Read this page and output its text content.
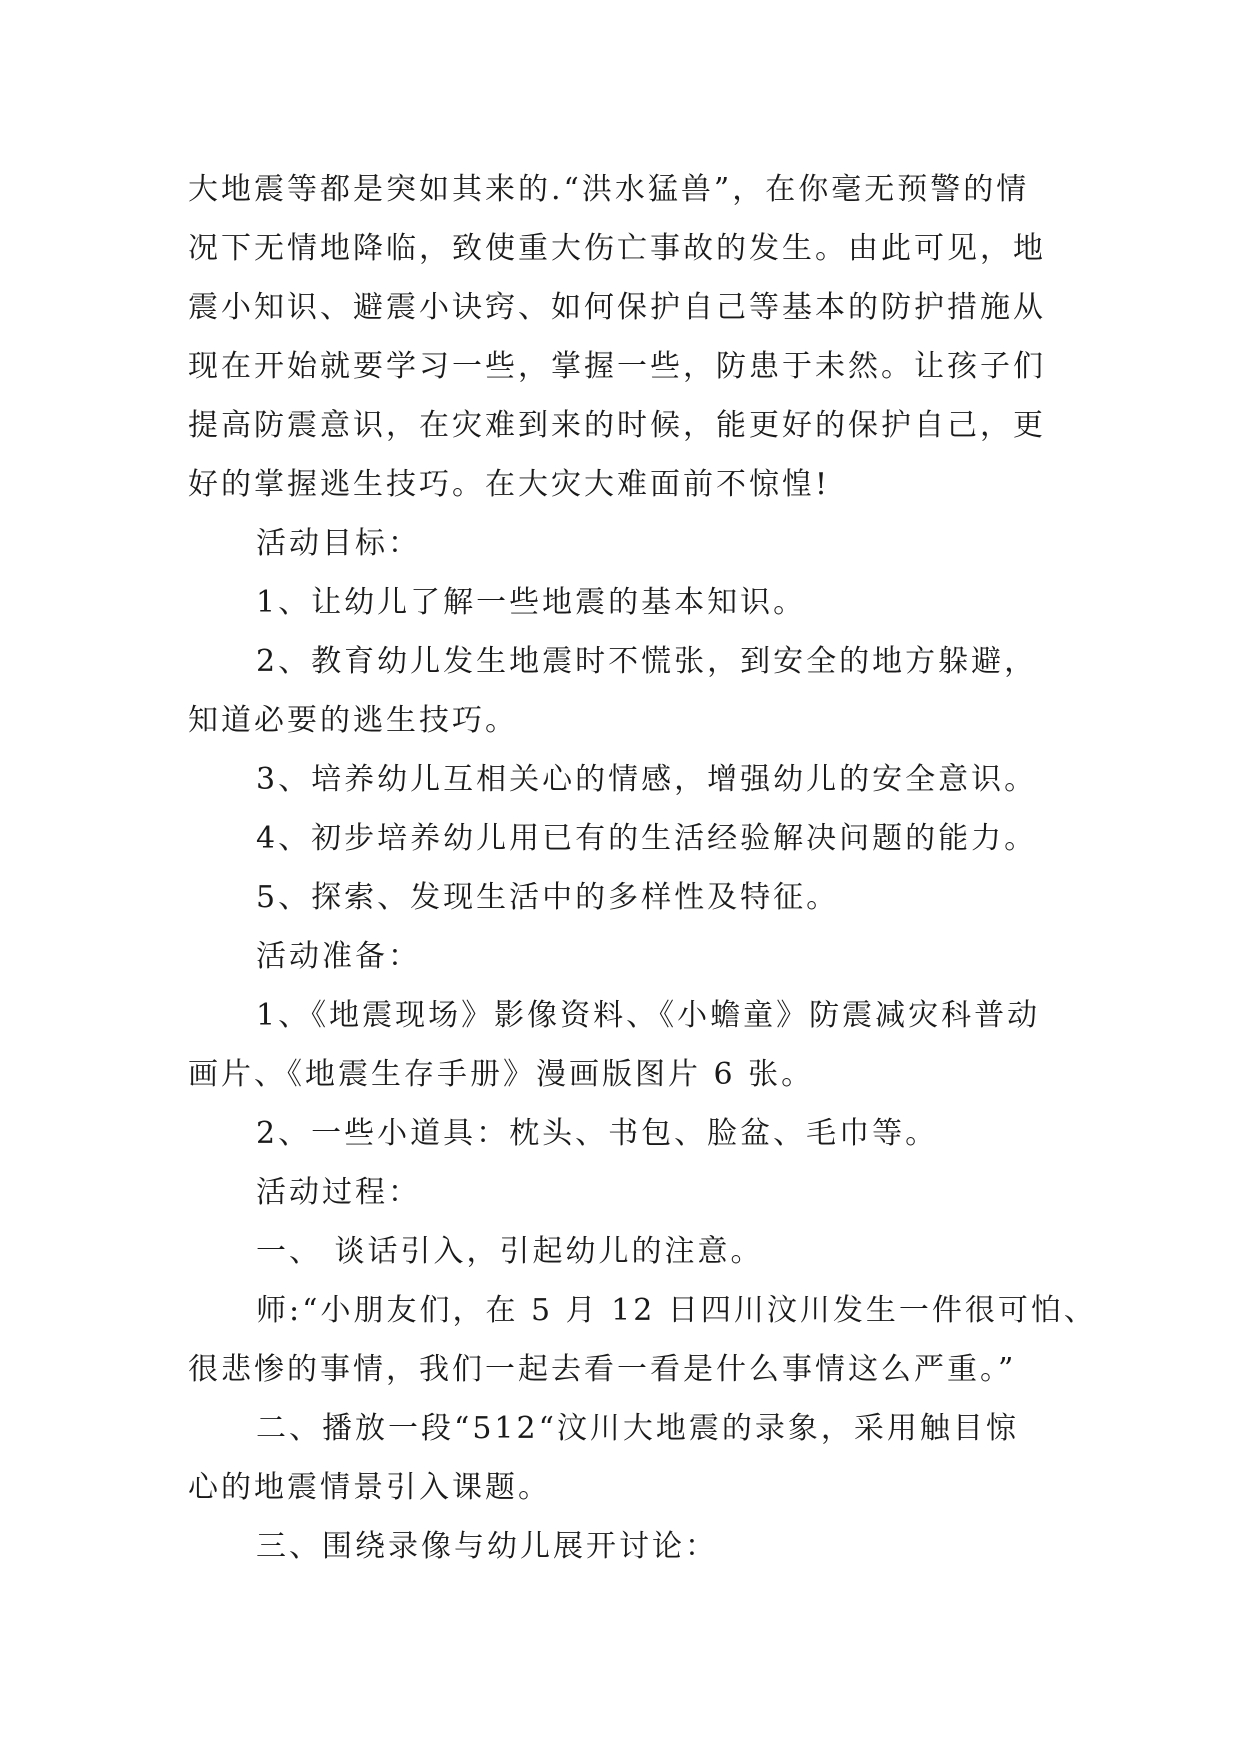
大地震等都是突如其来的.“洪水猛兽”，在你毫无预警的情
况下无情地降临，致使重大伤亡事故的发生。由此可见，地
震小知识、避震小诀窍、如何保护自己等基本的防护措施从
现在开始就要学习一些，掌握一些，防患于未然。让孩子们
提高防震意识，在灾难到来的时候，能更好的保护自己，更
好的掌握逃生技巧。在大灾大难面前不惊惶!
活动目标：
1、让幼儿了解一些地震的基本知识。
2、教育幼儿发生地震时不慌张，到安全的地方躲避，
知道必要的逃生技巧。
3、培养幼儿互相关心的情感，增强幼儿的安全意识。
4、初步培养幼儿用已有的生活经验解决问题的能力。
5、探索、发现生活中的多样性及特征。
活动准备：
1、《地震现场》影像资料、《小蟾童》防震减灾科普动
画片、《地震生存手册》漫画版图片 6 张。
2、一些小道具：枕头、书包、脸盆、毛巾等。
活动过程：
一、 谈话引入，引起幼儿的注意。
师:“小朋友们，在 5 月 12 日四川汶川发生一件很可怕、
很悲惨的事情，我们一起去看一看是什么事情这么严重。”
二、播放一段“512“汶川大地震的录象，采用触目惊
心的地震情景引入课题。
三、围绕录像与幼儿展开讨论：
